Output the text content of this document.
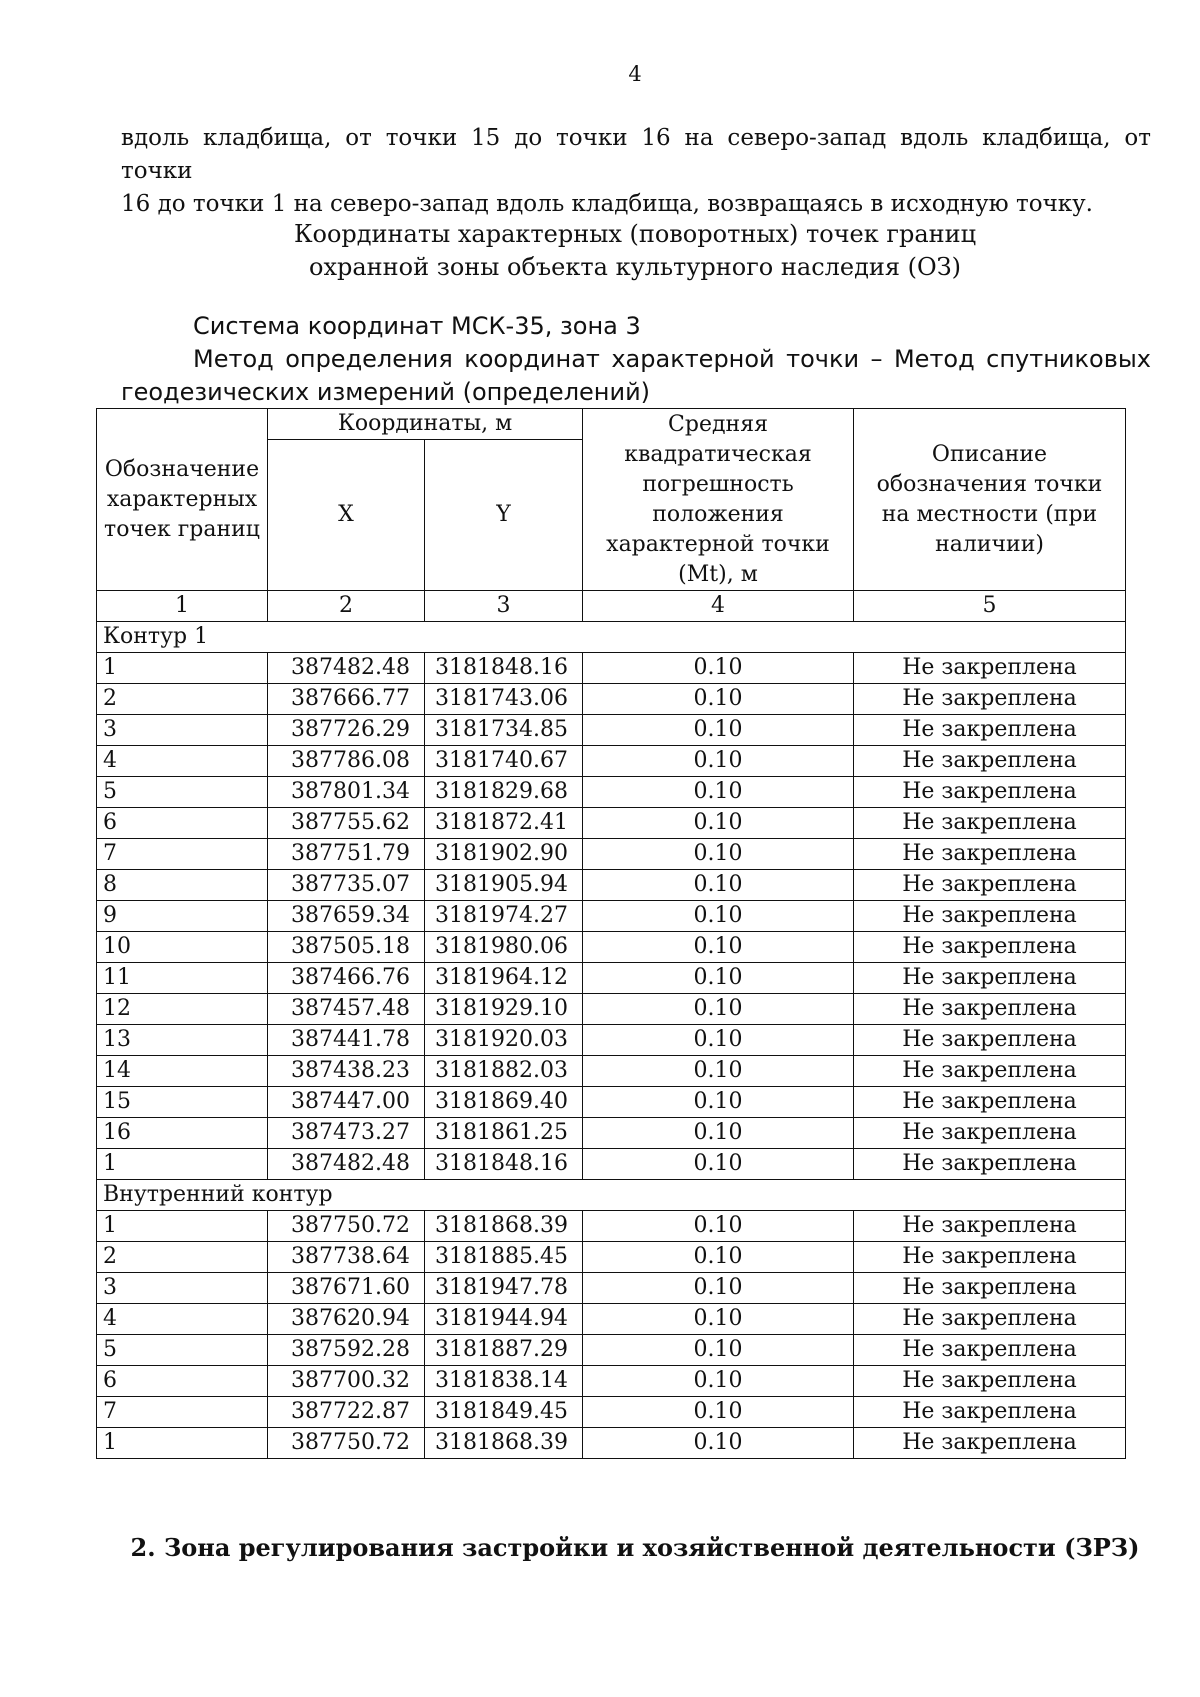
4
вдоль кладбища, от точки 15 до точки 16 на северо-запад вдоль кладбища, от точки
16 до точки 1 на северо-запад вдоль кладбища, возвращаясь в исходную точку.
Координаты характерных (поворотных) точек границ
охранной зоны объекта культурного наследия (ОЗ)
Система координат МСК-35, зона 3
Метод определения координат характерной точки – Метод спутниковых
геодезических измерений (определений)
Обозначение характерных точек границ	Координаты, м		Средняя квадратическая погрешность положения характерной точки (Mt), м	Описание обозначения точки на местности (при наличии)
	X	Y		
1	2	3	4	5
Контур 1				
1	387482.48	3181848.16	0.10	Не закреплена
2	387666.77	3181743.06	0.10	Не закреплена
3	387726.29	3181734.85	0.10	Не закреплена
4	387786.08	3181740.67	0.10	Не закреплена
5	387801.34	3181829.68	0.10	Не закреплена
6	387755.62	3181872.41	0.10	Не закреплена
7	387751.79	3181902.90	0.10	Не закреплена
8	387735.07	3181905.94	0.10	Не закреплена
9	387659.34	3181974.27	0.10	Не закреплена
10	387505.18	3181980.06	0.10	Не закреплена
11	387466.76	3181964.12	0.10	Не закреплена
12	387457.48	3181929.10	0.10	Не закреплена
13	387441.78	3181920.03	0.10	Не закреплена
14	387438.23	3181882.03	0.10	Не закреплена
15	387447.00	3181869.40	0.10	Не закреплена
16	387473.27	3181861.25	0.10	Не закреплена
1	387482.48	3181848.16	0.10	Не закреплена
Внутренний контур				
1	387750.72	3181868.39	0.10	Не закреплена
2	387738.64	3181885.45	0.10	Не закреплена
3	387671.60	3181947.78	0.10	Не закреплена
4	387620.94	3181944.94	0.10	Не закреплена
5	387592.28	3181887.29	0.10	Не закреплена
6	387700.32	3181838.14	0.10	Не закреплена
7	387722.87	3181849.45	0.10	Не закреплена
1	387750.72	3181868.39	0.10	Не закреплена
2. Зона регулирования застройки и хозяйственной деятельности (ЗРЗ)
